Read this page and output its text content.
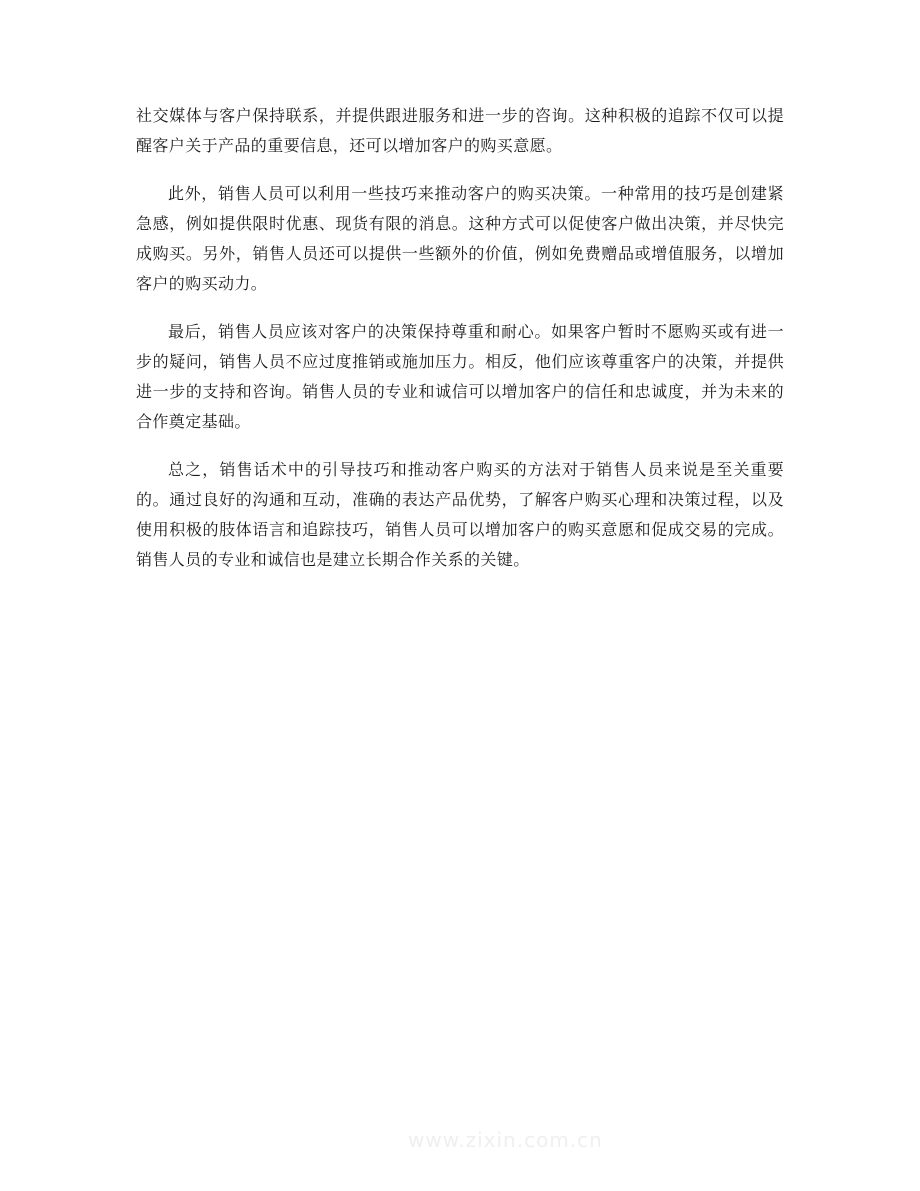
社交媒体与客户保持联系，并提供跟进服务和进一步的咨询。这种积极的追踪不仅可以提醒客户关于产品的重要信息，还可以增加客户的购买意愿。

此外，销售人员可以利用一些技巧来推动客户的购买决策。一种常用的技巧是创建紧急感，例如提供限时优惠、现货有限的消息。这种方式可以促使客户做出决策，并尽快完成购买。另外，销售人员还可以提供一些额外的价值，例如免费赠品或增值服务，以增加客户的购买动力。

最后，销售人员应该对客户的决策保持尊重和耐心。如果客户暂时不愿购买或有进一步的疑问，销售人员不应过度推销或施加压力。相反，他们应该尊重客户的决策，并提供进一步的支持和咨询。销售人员的专业和诚信可以增加客户的信任和忠诚度，并为未来的合作奠定基础。

总之，销售话术中的引导技巧和推动客户购买的方法对于销售人员来说是至关重要的。通过良好的沟通和互动，准确的表达产品优势，了解客户购买心理和决策过程，以及使用积极的肢体语言和追踪技巧，销售人员可以增加客户的购买意愿和促成交易的完成。销售人员的专业和诚信也是建立长期合作关系的关键。

www.zixin.com.cn
